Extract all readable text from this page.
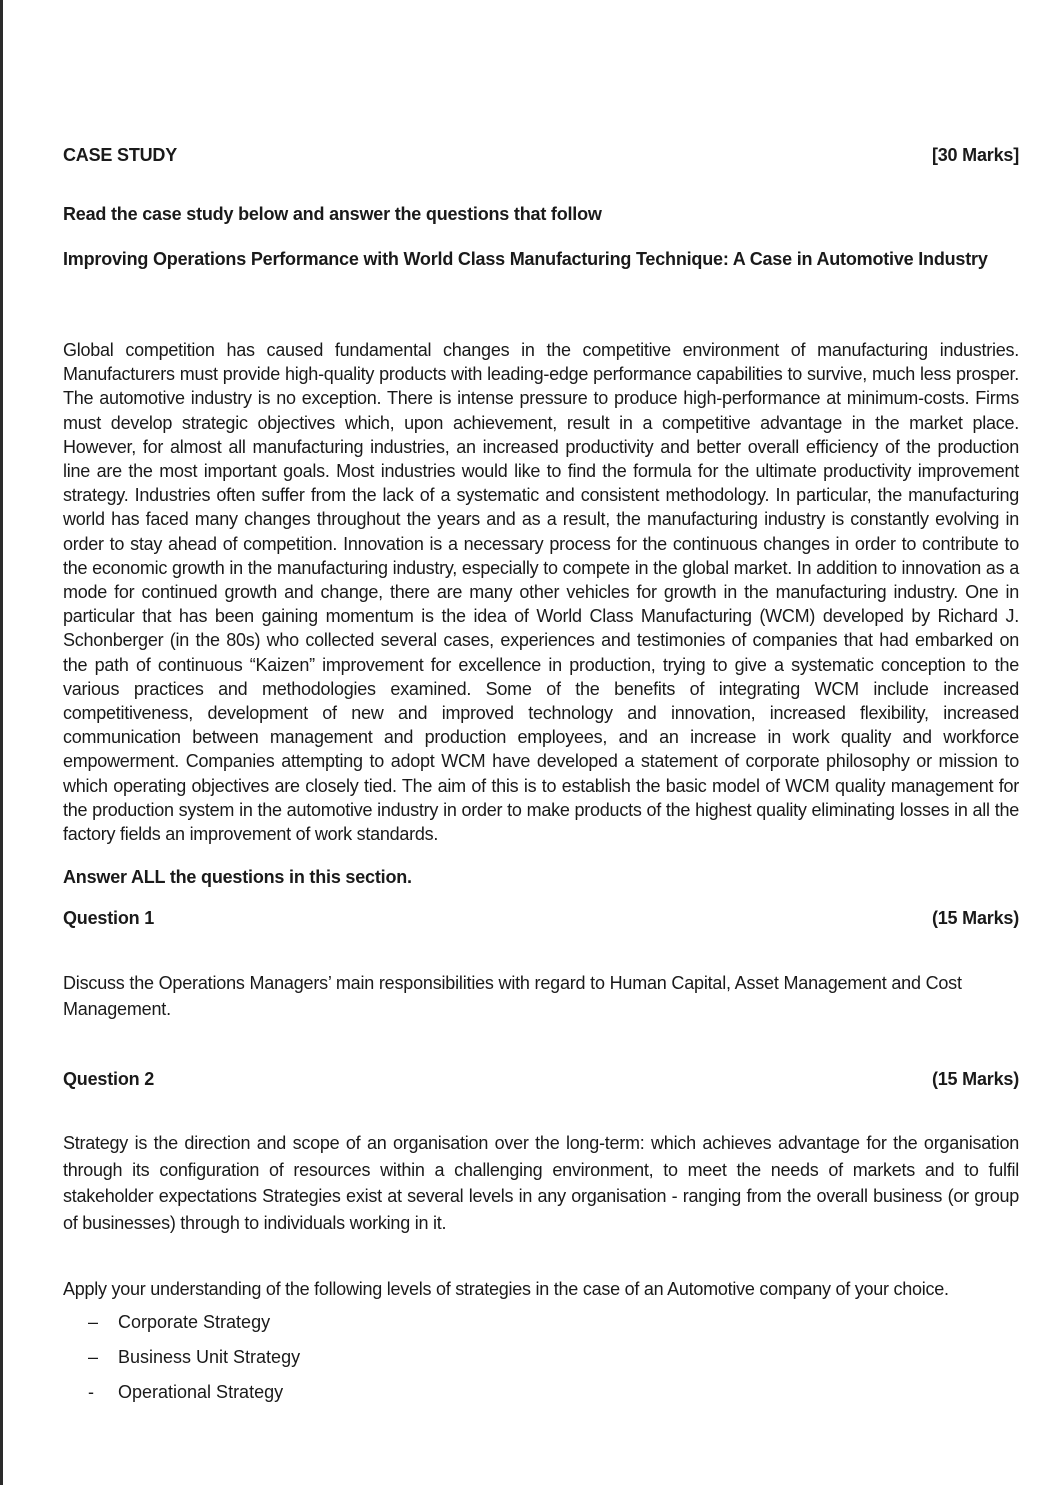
CASE STUDY	[30 Marks]
Read the case study below and answer the questions that follow
Improving Operations Performance with World Class Manufacturing Technique: A Case in Automotive Industry
Global competition has caused fundamental changes in the competitive environment of manufacturing industries. Manufacturers must provide high-quality products with leading-edge performance capabilities to survive, much less prosper. The automotive industry is no exception. There is intense pressure to produce high-performance at minimum-costs. Firms must develop strategic objectives which, upon achievement, result in a competitive advantage in the market place. However, for almost all manufacturing industries, an increased productivity and better overall efficiency of the production line are the most important goals. Most industries would like to find the formula for the ultimate productivity improvement strategy. Industries often suffer from the lack of a systematic and consistent methodology. In particular, the manufacturing world has faced many changes throughout the years and as a result, the manufacturing industry is constantly evolving in order to stay ahead of competition. Innovation is a necessary process for the continuous changes in order to contribute to the economic growth in the manufacturing industry, especially to compete in the global market. In addition to innovation as a mode for continued growth and change, there are many other vehicles for growth in the manufacturing industry. One in particular that has been gaining momentum is the idea of World Class Manufacturing (WCM) developed by Richard J. Schonberger (in the 80s) who collected several cases, experiences and testimonies of companies that had embarked on the path of continuous “Kaizen” improvement for excellence in production, trying to give a systematic conception to the various practices and methodologies examined. Some of the benefits of integrating WCM include increased competitiveness, development of new and improved technology and innovation, increased flexibility, increased communication between management and production employees, and an increase in work quality and workforce empowerment. Companies attempting to adopt WCM have developed a statement of corporate philosophy or mission to which operating objectives are closely tied. The aim of this is to establish the basic model of WCM quality management for the production system in the automotive industry in order to make products of the highest quality eliminating losses in all the factory fields an improvement of work standards.
Answer ALL the questions in this section.
Question 1	(15 Marks)
Discuss the Operations Managers’ main responsibilities with regard to Human Capital, Asset Management and Cost Management.
Question 2	(15 Marks)
Strategy is the direction and scope of an organisation over the long-term: which achieves advantage for the organisation through its configuration of resources within a challenging environment, to meet the needs of markets and to fulfil stakeholder expectations Strategies exist at several levels in any organisation - ranging from the overall business (or group of businesses) through to individuals working in it.
Apply your understanding of the following levels of strategies in the case of an Automotive company of your choice.
–	Corporate Strategy
–	Business Unit Strategy
-	Operational Strategy
